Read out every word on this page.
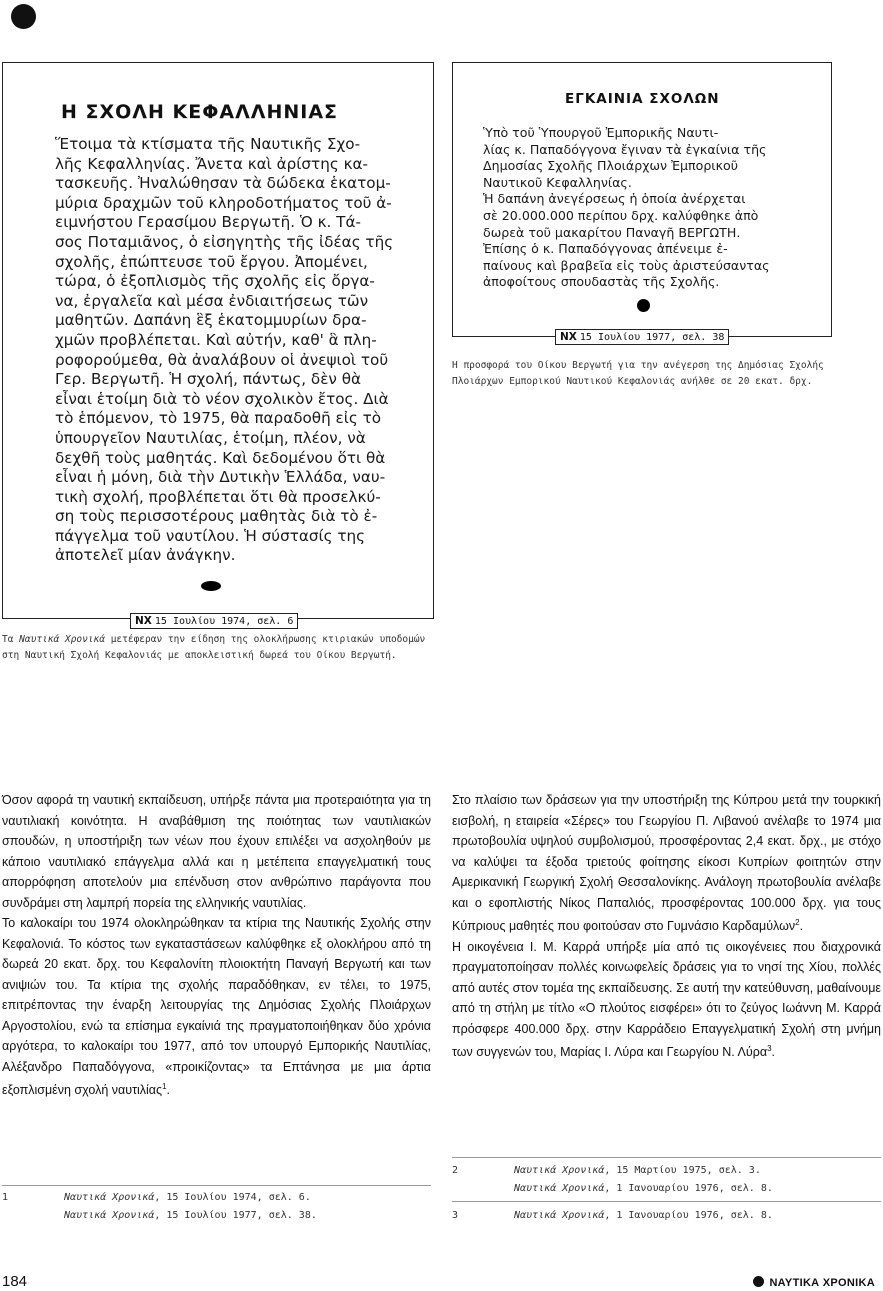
Η ΣΧΟΛΗ ΚΕΦΑΛΛΗΝΙΑΣ
Ἕτοιμα τὰ κτίσματα τῆς Ναυτικῆς Σχο-
λῆς Κεφαλληνίας. Ἄνετα καὶ ἀρίστης κα-
τασκευῆς. Ἠναλώθησαν τὰ δώδεκα ἑκατομ-
μύρια δραχμῶν τοῦ κληροδοτήματος τοῦ ἀ-
ειμνήστου Γερασίμου Βεργωτῆ. Ὁ κ. Τά-
σος Ποταμιᾶνος, ὁ εἰσηγητὴς τῆς ἰδέας τῆς
σχολῆς, ἐπώπτευσε τοῦ ἔργου. Ἀπομένει,
τώρα, ὁ ἐξοπλισμὸς τῆς σχολῆς εἰς ὄργα-
να, ἐργαλεῖα καὶ μέσα ἐνδιαιτήσεως τῶν
μαθητῶν. Δαπάνη ἓξ ἑκατομμυρίων δρα-
χμῶν προβλέπεται. Καὶ αὐτήν, καθ' ἃ πλη-
ροφορούμεθα, θὰ ἀναλάβουν οἱ ἀνεψιοὶ τοῦ
Γερ. Βεργωτῆ. Ἡ σχολή, πάντως, δὲν θὰ
εἶναι ἑτοίμη διὰ τὸ νέον σχολικὸν ἔτος. Διὰ
τὸ ἑπόμενον, τὸ 1975, θὰ παραδοθῆ εἰς τὸ
ὑπουργεῖον Ναυτιλίας, ἑτοίμη, πλέον, νὰ
δεχθῆ τοὺς μαθητάς. Καὶ δεδομένου ὅτι θὰ
εἶναι ἡ μόνη, διὰ τὴν Δυτικὴν Ἑλλάδα, ναυ-
τικὴ σχολή, προβλέπεται ὅτι θὰ προσελκύ-
ση τοὺς περισσοτέρους μαθητὰς διὰ τὸ ἐ-
πάγγελμα τοῦ ναυτίλου. Ἡ σύστασίς της
ἀποτελεῖ μίαν ἀνάγκην.
ΝΧ 15 Ιουλίου 1974, σελ. 6
Τα Ναυτικά Χρονικά μετέφεραν την είδηση της ολοκλήρωσης κτιριακών υποδομών στη Ναυτική Σχολή Κεφαλονιάς με αποκλειστική δωρεά του Οίκου Βεργωτή.
ΕΓΚΑΙΝΙΑ ΣΧΟΛΩΝ
Ὑπὸ τοῦ Ὑπουργοῦ Ἐμπορικῆς Ναυτι-
λίας κ. Παπαδόγγονα ἔγιναν τὰ ἐγκαίνια τῆς
Δημοσίας Σχολῆς Πλοιάρχων Ἐμπορικοῦ
Ναυτικοῦ Κεφαλληνίας.
Ἡ δαπάνη ἀνεγέρσεως ἡ ὁποία ἀνέρχεται
σὲ 20.000.000 περίπου δρχ. καλύφθηκε ἀπὸ
δωρεὰ τοῦ μακαρίτου Παναγῆ ΒΕΡΓΩΤΗ.
Ἐπίσης ὁ κ. Παπαδόγγονας ἀπένειμε ἐ-
παίνους καὶ βραβεῖα εἰς τοὺς ἀριστεύσαντας
ἀποφοίτους σπουδαστὰς τῆς Σχολῆς.
ΝΧ 15 Ιουλίου 1977, σελ. 38
Η προσφορά του Οίκου Βεργωτή για την ανέγερση της Δημόσιας Σχολής Πλοιάρχων Εμπορικού Ναυτικού Κεφαλονιάς ανήλθε σε 20 εκατ. δρχ.

Όσον αφορά τη ναυτική εκπαίδευση, υπήρξε πάντα μια προτεραιότητα για τη ναυτιλιακή κοινότητα. Η αναβάθμιση της ποιότητας των ναυτιλιακών σπουδών, η υποστήριξη των νέων που έχουν επιλέξει να ασχοληθούν με κάποιο ναυτιλιακό επάγγελμα αλλά και η μετέπειτα επαγγελματική τους απορρόφηση αποτελούν μια επένδυση στον ανθρώπινο παράγοντα που συνδράμει στη λαμπρή πορεία της ελληνικής ναυτιλίας.

Το καλοκαίρι του 1974 ολοκληρώθηκαν τα κτίρια της Ναυτικής Σχολής στην Κεφαλονιά. Το κόστος των εγκαταστάσεων καλύφθηκε εξ ολοκλήρου από τη δωρεά 20 εκατ. δρχ. του Κεφαλονίτη πλοιοκτήτη Παναγή Βεργωτή και των ανιψιών του. Τα κτίρια της σχολής παραδόθηκαν, εν τέλει, το 1975, επιτρέποντας την έναρξη λειτουργίας της Δημόσιας Σχολής Πλοιάρχων Αργοστολίου, ενώ τα επίσημα εγκαίνιά της πραγματοποιήθηκαν δύο χρόνια αργότερα, το καλοκαίρι του 1977, από τον υπουργό Εμπορικής Ναυτιλίας, Αλέξανδρο Παπαδόγγονα, «προικίζοντας» τα Επτάνησα με μια άρτια εξοπλισμένη σχολή ναυτιλίας$^1$.

Στο πλαίσιο των δράσεων για την υποστήριξη της Κύπρου μετά την τουρκική εισβολή, η εταιρεία «Σέρες» του Γεωργίου Π. Λιβανού ανέλαβε το 1974 μια πρωτοβουλία υψηλού συμβολισμού, προσφέροντας 2,4 εκατ. δρχ., με στόχο να καλύψει τα έξοδα τριετούς φοίτησης είκοσι Κυπρίων φοιτητών στην Αμερικανική Γεωργική Σχολή Θεσσαλονίκης. Ανάλογη πρωτοβουλία ανέλαβε και ο εφοπλιστής Νίκος Παπαλιός, προσφέροντας 100.000 δρχ. για τους Κύπριους μαθητές που φοιτούσαν στο Γυμνάσιο Καρδαμύλων$^2$.

Η οικογένεια Ι. Μ. Καρρά υπήρξε μία από τις οικογένειες που διαχρονικά πραγματοποίησαν πολλές κοινωφελείς δράσεις για το νησί της Χίου, πολλές από αυτές στον τομέα της εκπαίδευσης. Σε αυτή την κατεύθυνση, μαθαίνουμε από τη στήλη με τίτλο «Ο πλούτος εισφέρει» ότι το ζεύγος Ιωάννη Μ. Καρρά πρόσφερε 400.000 δρχ. στην Καρράδειο Επαγγελματική Σχολή στη μνήμη των συγγενών του, Μαρίας Ι. Λύρα και Γεωργίου Ν. Λύρα$^3$.

1	Ναυτικά Χρονικά, 15 Ιουλίου 1974, σελ. 6.
Ναυτικά Χρονικά, 15 Ιουλίου 1977, σελ. 38.
2	Ναυτικά Χρονικά, 15 Μαρτίου 1975, σελ. 3.
Ναυτικά Χρονικά, 1 Ιανουαρίου 1976, σελ. 8.
3	Ναυτικά Χρονικά, 1 Ιανουαρίου 1976, σελ. 8.
184	ΝΑΥΤΙΚΑ ΧΡΟΝΙΚΑ
